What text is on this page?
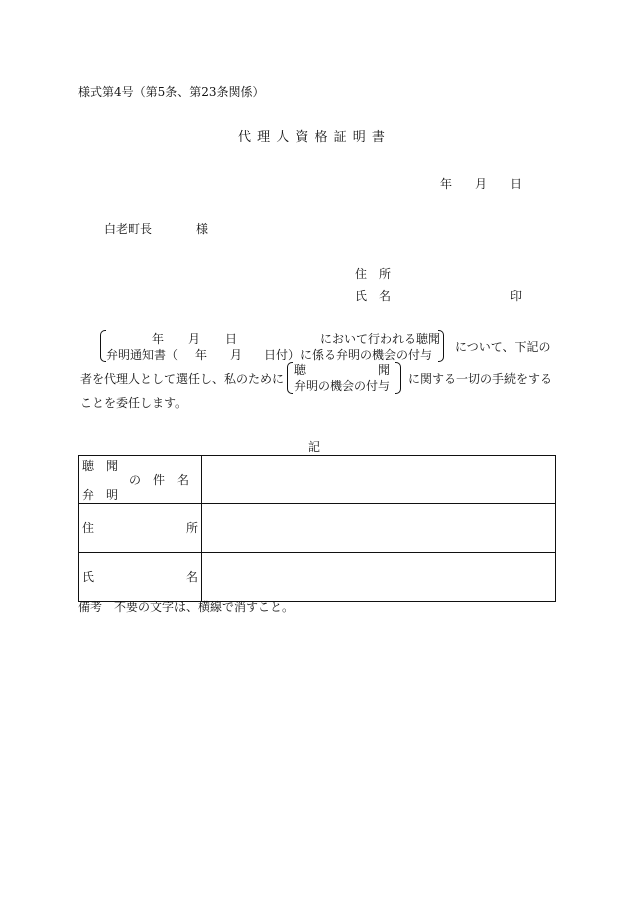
様式第4号（第5条、第23条関係）
代 理 人 資 格 証 明 書
年 月 日
白老町長	様
住　所
氏　名	印
年 月 日	において行われる聴聞
弁明通知書（ 年 月 日付）に係る弁明の機会の付与
について、下記の
者を代理人として選任し、私のために
聴	聞
弁明の機会の付与 に関する一切の手続をする
ことを委任します。
記
聴　聞
の　件　名
弁　明	

住 所	

氏 名	

備考　不要の文字は、横線で消すこと。
